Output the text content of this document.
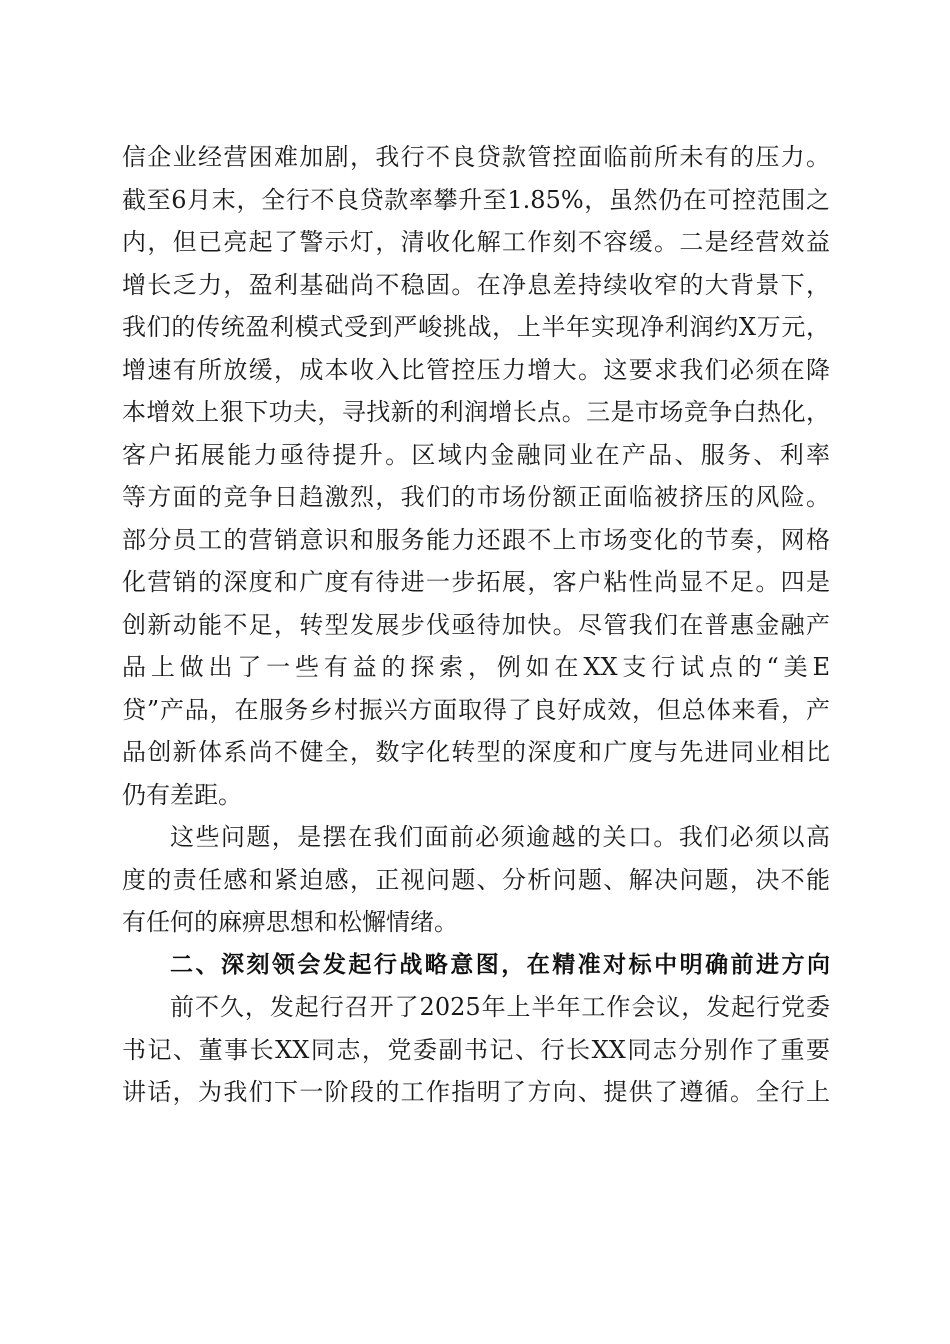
信企业经营困难加剧，我行不良贷款管控面临前所未有的压力。
截至6月末，全行不良贷款率攀升至1.85%，虽然仍在可控范围之
内，但已亮起了警示灯，清收化解工作刻不容缓。二是经营效益
增长乏力，盈利基础尚不稳固。在净息差持续收窄的大背景下，
我们的传统盈利模式受到严峻挑战，上半年实现净利润约X万元，
增速有所放缓，成本收入比管控压力增大。这要求我们必须在降
本增效上狠下功夫，寻找新的利润增长点。三是市场竞争白热化，
客户拓展能力亟待提升。区域内金融同业在产品、服务、利率
等方面的竞争日趋激烈，我们的市场份额正面临被挤压的风险。
部分员工的营销意识和服务能力还跟不上市场变化的节奏，网格
化营销的深度和广度有待进一步拓展，客户粘性尚显不足。四是
创新动能不足，转型发展步伐亟待加快。尽管我们在普惠金融产
品上做出了一些有益的探索，例如在XX支行试点的“美E
贷”产品，在服务乡村振兴方面取得了良好成效，但总体来看，产
品创新体系尚不健全，数字化转型的深度和广度与先进同业相比
仍有差距。
这些问题，是摆在我们面前必须逾越的关口。我们必须以高
度的责任感和紧迫感，正视问题、分析问题、解决问题，决不能
有任何的麻痹思想和松懈情绪。
二、深刻领会发起行战略意图，在精准对标中明确前进方向
前不久，发起行召开了2025年上半年工作会议，发起行党委
书记、董事长XX同志，党委副书记、行长XX同志分别作了重要
讲话，为我们下一阶段的工作指明了方向、提供了遵循。全行上
